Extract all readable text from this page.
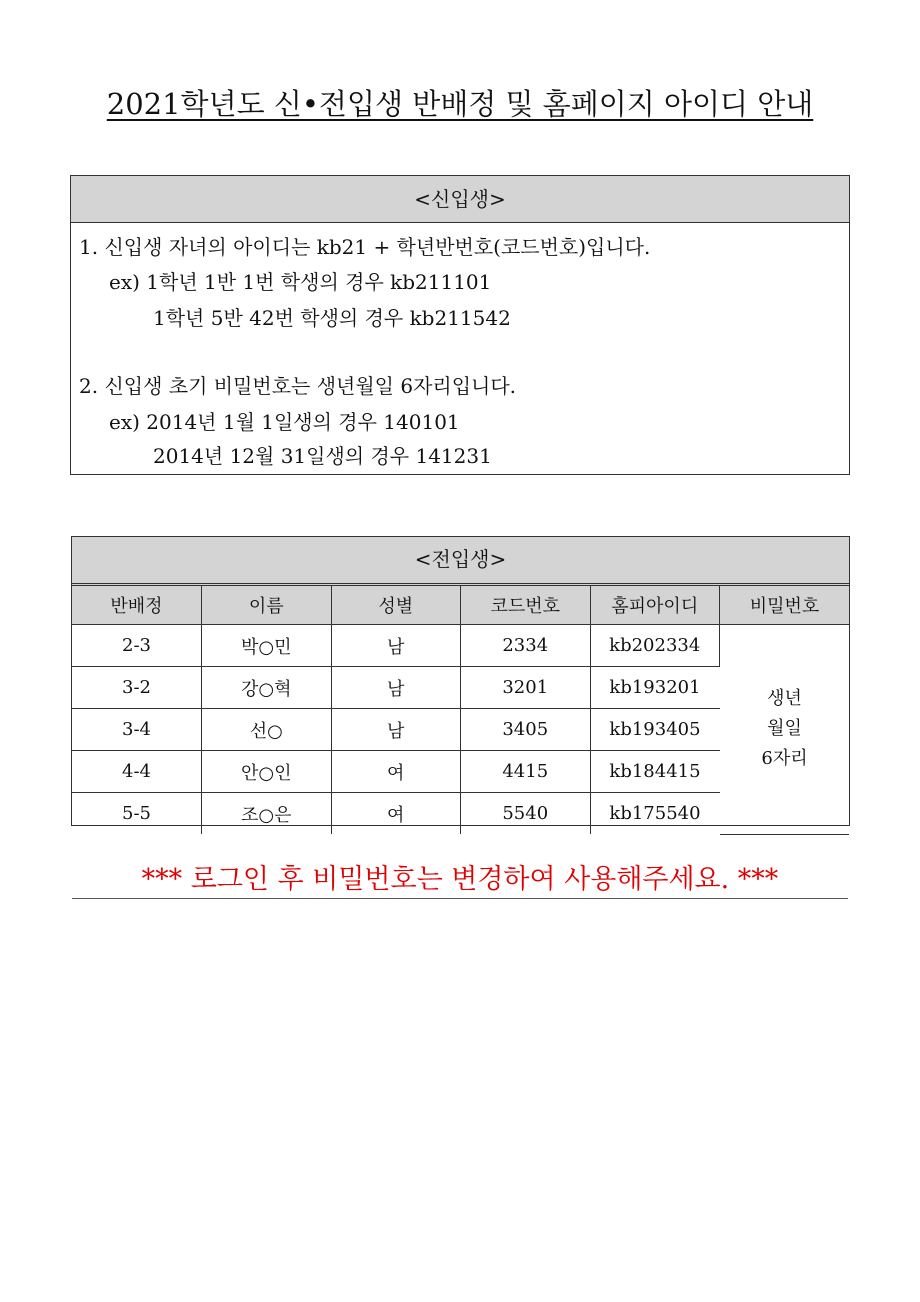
2021학년도 신•전입생 반배정 및 홈페이지 아이디 안내
<신입생>
1. 신입생 자녀의 아이디는 kb21 + 학년반번호(코드번호)입니다.
ex) 1학년 1반 1번 학생의 경우 kb211101
1학년 5반 42번 학생의 경우 kb211542
2. 신입생 초기 비밀번호는 생년월일 6자리입니다.
ex) 2014년 1월 1일생의 경우 140101
2014년 12월 31일생의 경우 141231
<전입생>
반배정	이름	성별	코드번호	홈피아이디	비밀번호
2-3	박○민	남	2334	kb202334	생년
월일
6자리

3-2	강○혁	남	3201	kb193201	
3-4	선○	남	3405	kb193405	
4-4	안○인	여	4415	kb184415	
5-5	조○은	여	5540	kb175540	
*** 로그인 후 비밀번호는 변경하여 사용해주세요. ***
